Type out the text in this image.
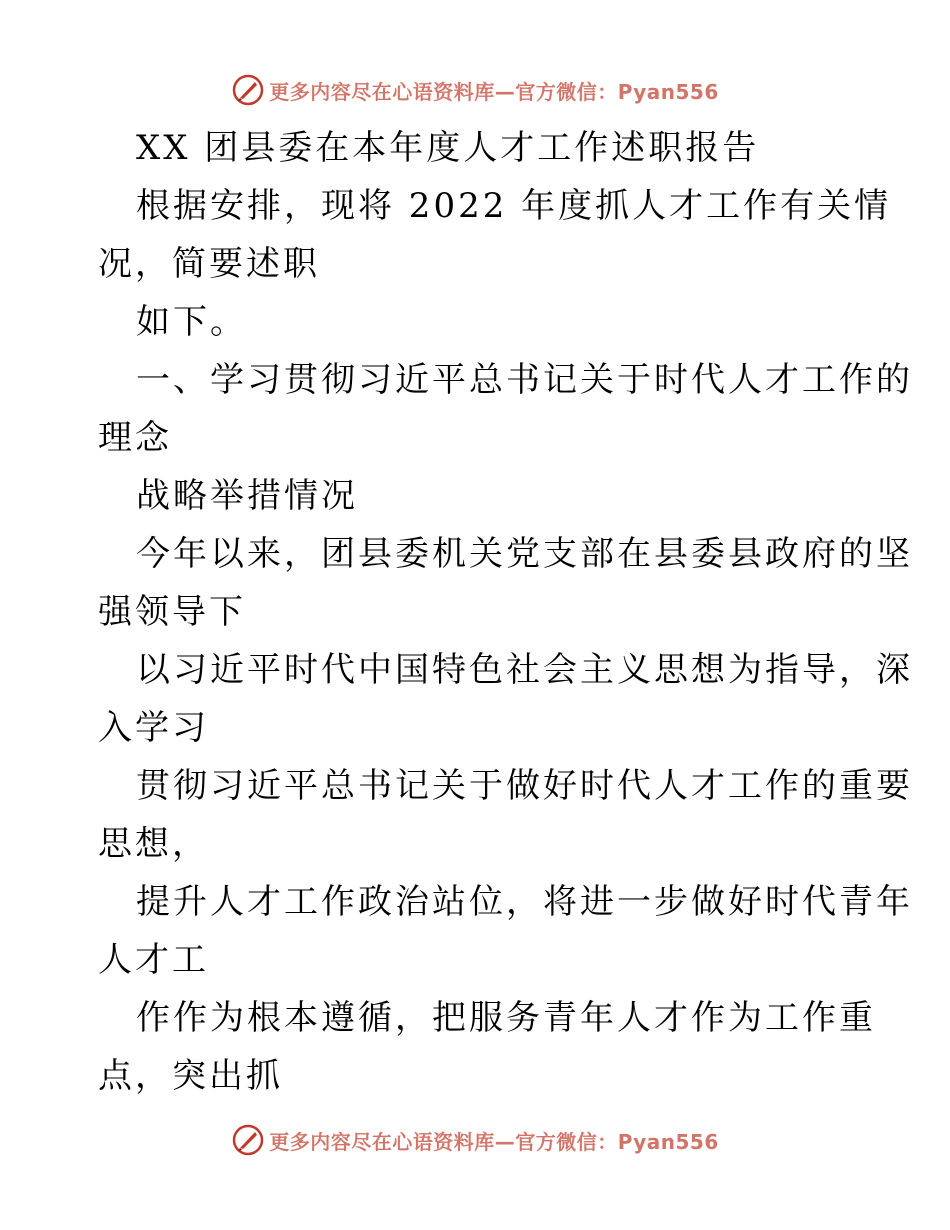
更多内容尽在心语资料库—官方微信：Pyan556
XX 团县委在本年度人才工作述职报告
根据安排，现将 2022 年度抓人才工作有关情
况，简要述职
如下。
一、学习贯彻习近平总书记关于时代人才工作的
理念
战略举措情况
今年以来，团县委机关党支部在县委县政府的坚
强领导下
以习近平时代中国特色社会主义思想为指导，深
入学习
贯彻习近平总书记关于做好时代人才工作的重要
思想，
提升人才工作政治站位，将进一步做好时代青年
人才工
作作为根本遵循，把服务青年人才作为工作重
点，突出抓
更多内容尽在心语资料库—官方微信：Pyan556
